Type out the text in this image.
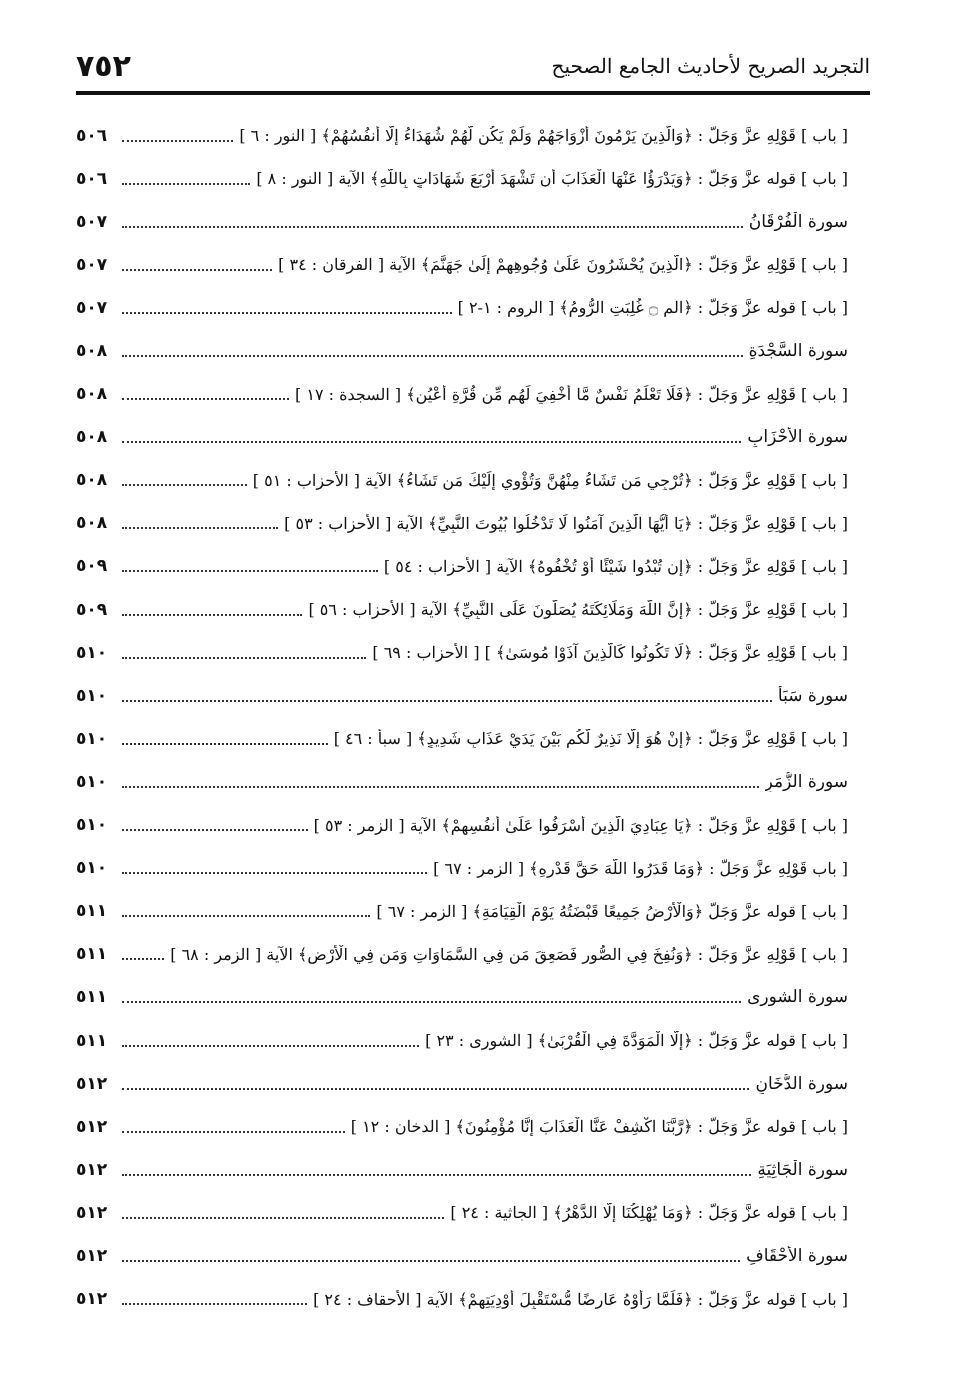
التجريد الصريح لأحاديث الجامع الصحيح
٧٥٢
[ باب ] قَوْلِهِ عزَّ وَجَلَّ : ﴿وَالَّذِينَ يَرْمُونَ أَزْوَاجَهُمْ وَلَمْ يَكُن لَّهُمْ شُهَدَاءُ إِلَّا أَنفُسُهُمْ﴾ [ النور : ٦ ]
٥٠٦
[ باب ] قوله عزَّ وَجَلَّ : ﴿وَيَدْرَؤُا عَنْهَا الْعَذَابَ أَن تَشْهَدَ أَرْبَعَ شَهَادَاتٍ بِاللَّهِ﴾ الآية [ النور : ٨ ]
٥٠٦
سورة الْفُرْقَانُ
٥٠٧
[ باب ] قَوْلِهِ عزَّ وَجَلَّ : ﴿الَّذِينَ يُحْشَرُونَ عَلَىٰ وُجُوهِهِمْ إِلَىٰ جَهَنَّمَ﴾ الآية [ الفرقان : ٣٤ ]
٥٠٧
[ باب ] قوله عزَّ وَجَلَّ : ﴿الم ۝ غُلِبَتِ الرُّومُ﴾ [ الروم : ١-٢ ]
٥٠٧
سورة السَّجْدَةِ
٥٠٨
[ باب ] قَوْلِهِ عزَّ وَجَلَّ : ﴿فَلَا تَعْلَمُ نَفْسٌ مَّا أُخْفِيَ لَهُم مِّن قُرَّةِ أَعْيُنٍ﴾ [ السجدة : ١٧ ]
٥٠٨
سورة الأَحْزَابِ
٥٠٨
[ باب ] قَوْلِهِ عزَّ وَجَلَّ : ﴿تُرْجِي مَن تَشَاءُ مِنْهُنَّ وَتُؤْوِي إِلَيْكَ مَن تَشَاءُ﴾ الآية [ الأحزاب : ٥١ ]
٥٠٨
[ باب ] قَوْلِهِ عزَّ وَجَلَّ : ﴿يَا أَيُّهَا الَّذِينَ آمَنُوا لَا تَدْخُلُوا بُيُوتَ النَّبِيِّ﴾ الآية [ الأحزاب : ٥٣ ]
٥٠٨
[ باب ] قَوْلِهِ عزَّ وَجَلَّ : ﴿إِن تُبْدُوا شَيْئًا أَوْ تُخْفُوهُ﴾ الآية [ الأحزاب : ٥٤ ]
٥٠٩
[ باب ] قَوْلِهِ عزَّ وَجَلَّ : ﴿إِنَّ اللَّهَ وَمَلَائِكَتَهُ يُصَلُّونَ عَلَى النَّبِيِّ﴾ الآية [ الأحزاب : ٥٦ ]
٥٠٩
[ باب ] قَوْلِهِ عزَّ وَجَلَّ : ﴿لَا تَكُونُوا كَالَّذِينَ آذَوْا مُوسَىٰ﴾ ] [ الأحزاب : ٦٩ ]
٥١٠
سورة سَبَأ
٥١٠
[ باب ] قَوْلِهِ عزَّ وَجَلَّ : ﴿إِنْ هُوَ إِلَّا نَذِيرٌ لَّكُم بَيْنَ يَدَيْ عَذَابٍ شَدِيدٍ﴾ [ سبأ : ٤٦ ]
٥١٠
سورة الزُّمَرِ
٥١٠
[ باب ] قَوْلِهِ عزَّ وَجَلَّ : ﴿يَا عِبَادِيَ الَّذِينَ أَسْرَفُوا عَلَىٰ أَنفُسِهِمْ﴾ الآية [ الزمر : ٥٣ ]
٥١٠
[ باب قَوْلِهِ عزَّ وَجَلَّ : ﴿وَمَا قَدَرُوا اللَّهَ حَقَّ قَدْرِهِ﴾ [ الزمر : ٦٧ ]
٥١٠
[ باب ] قوله عزَّ وَجَلَّ ﴿وَالْأَرْضُ جَمِيعًا قَبْضَتُهُ يَوْمَ الْقِيَامَةِ﴾ [ الزمر : ٦٧ ]
٥١١
[ باب ] قَوْلِهِ عزَّ وَجَلَّ : ﴿وَنُفِخَ فِي الصُّورِ فَصَعِقَ مَن فِي السَّمَاوَاتِ وَمَن فِي الْأَرْضِ﴾ الآية [ الزمر : ٦٨ ]
٥١١
سورة الشورى
٥١١
[ باب ] قوله عزَّ وَجَلَّ : ﴿إِلَّا الْمَوَدَّةَ فِي الْقُرْبَىٰ﴾ [ الشورى : ٢٣ ]
٥١١
سورة الدُّخَانِ
٥١٢
[ باب ] قوله عزَّ وَجَلَّ : ﴿رَّبَّنَا اكْشِفْ عَنَّا الْعَذَابَ إِنَّا مُؤْمِنُونَ﴾ [ الدخان : ١٢ ]
٥١٢
سورة الْجَاثِيَةِ
٥١٢
[ باب ] قوله عزَّ وَجَلَّ : ﴿وَمَا يُهْلِكُنَا إِلَّا الدَّهْرُ﴾ [ الجاثية : ٢٤ ]
٥١٢
سورة الأَحْقَافِ
٥١٢
[ باب ] قوله عزَّ وَجَلَّ : ﴿فَلَمَّا رَأَوْهُ عَارِضًا مُّسْتَقْبِلَ أَوْدِيَتِهِمْ﴾ الآية [ الأحقاف : ٢٤ ]
٥١٢
